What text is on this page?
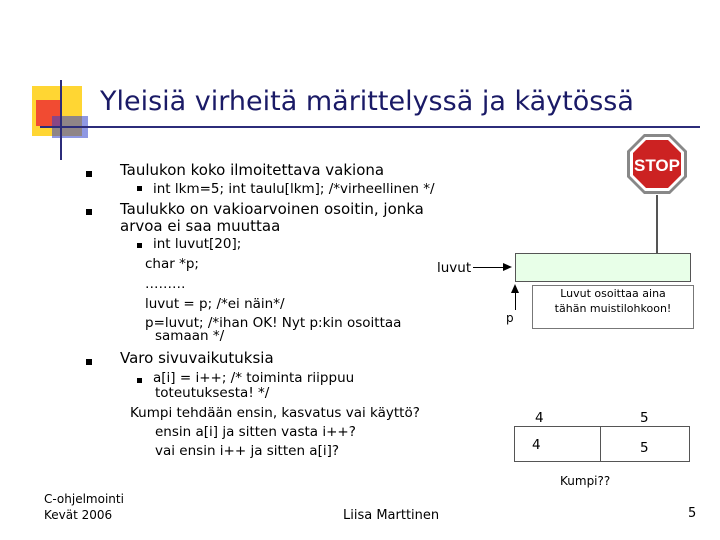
Yleisiä virheitä märittelyssä ja käytössä
Taulukon koko ilmoitettava vakiona
int lkm=5; int taulu[lkm]; /*virheellinen */
Taulukko on vakioarvoinen osoitin, jonka
arvoa ei saa muuttaa
int luvut[20];
char *p;
………
luvut = p; /*ei näin*/
p=luvut; /*ihan OK! Nyt p:kin osoittaa
samaan */
Varo sivuvaikutuksia
a[i] = i++; /* toiminta riippuu
toteutuksesta! */
Kumpi tehdään ensin, kasvatus vai käyttö?
ensin a[i] ja sitten vasta i++?
vai ensin i++ ja sitten a[i]?
STOP
luvut
p
Luvut osoittaa aina
tähän muistilohkoon!
4	5
4	5
Kumpi??
C-ohjelmointi
Kevät 2006	Liisa Marttinen	5
